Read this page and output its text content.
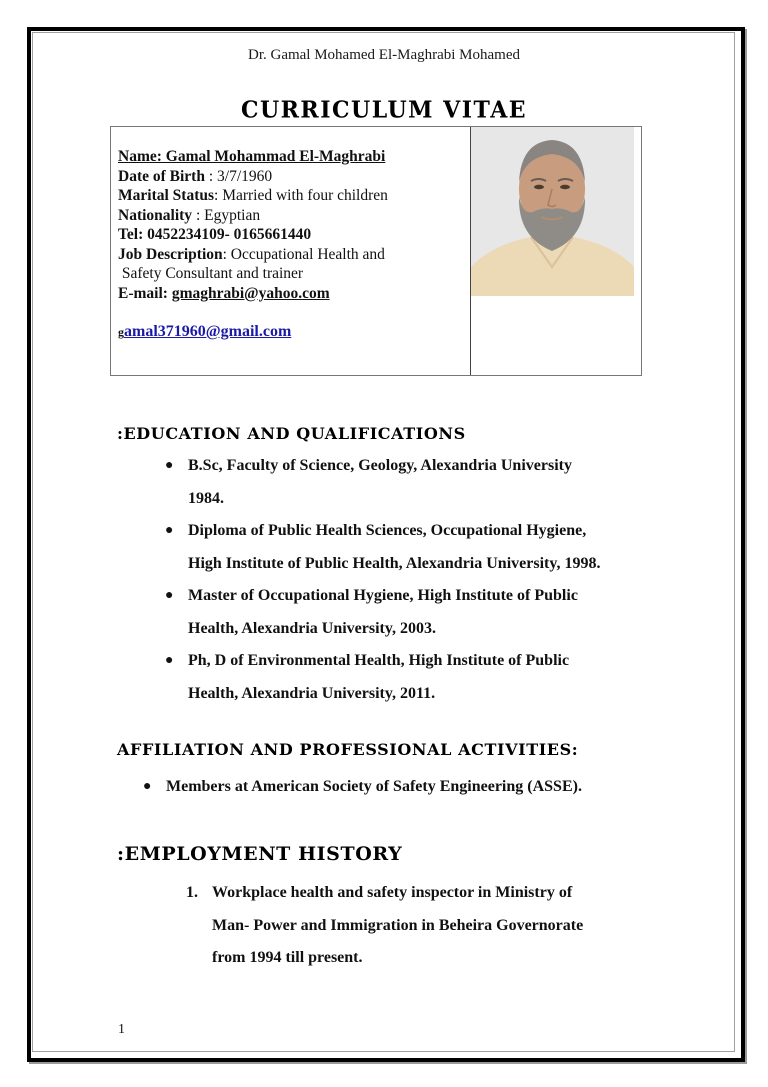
Dr. Gamal Mohamed El-Maghrabi Mohamed
CURRICULUM VITAE
Name: Gamal Mohammad El-Maghrabi
Date of Birth : 3/7/1960
Marital Status: Married with four children
Nationality : Egyptian
Tel: 0452234109- 0165661440
Job Description: Occupational Health and
Safety Consultant and trainer
E-mail: gmaghrabi@yahoo.com
gamal371960@gmail.com
:EDUCATION AND QUALIFICATIONS
● B.Sc, Faculty of Science, Geology, Alexandria University
1984.
● Diploma of Public Health Sciences, Occupational Hygiene,
High Institute of Public Health, Alexandria University, 1998.
● Master of Occupational Hygiene, High Institute of Public
Health, Alexandria University, 2003.
● Ph, D of Environmental Health, High Institute of Public
Health, Alexandria University, 2011.
AFFILIATION AND PROFESSIONAL ACTIVITIES:
● Members at American Society of Safety Engineering (ASSE).
:EMPLOYMENT HISTORY
1. Workplace health and safety inspector in Ministry of
Man- Power and Immigration in Beheira Governorate
from 1994 till present.
1
